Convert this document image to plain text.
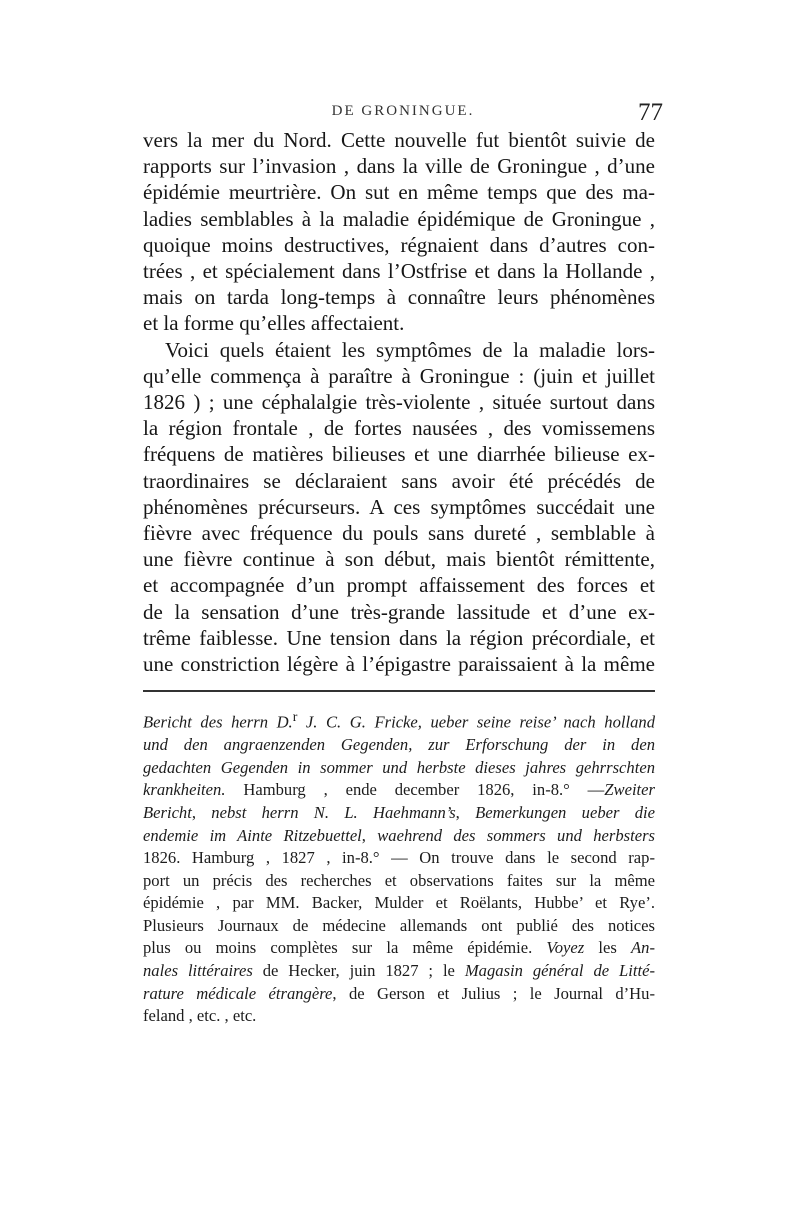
DE GRONINGUE.	77

vers la mer du Nord. Cette nouvelle fut bientôt suivie de
rapports sur l’invasion , dans la ville de Groningue , d’une
épidémie meurtrière. On sut en même temps que des ma-
ladies semblables à la maladie épidémique de Groningue ,
quoique moins destructives, régnaient dans d’autres con-
trées , et spécialement dans l’Ostfrise et dans la Hollande ,
mais on tarda long-temps à connaître leurs phénomènes
et la forme qu’elles affectaient.

Voici quels étaient les symptômes de la maladie lors-
qu’elle commença à paraître à Groningue : (juin et juillet
1826 ) ; une céphalalgie très-violente , située surtout dans
la région frontale , de fortes nausées , des vomissemens
fréquens de matières bilieuses et une diarrhée bilieuse ex-
traordinaires se déclaraient sans avoir été précédés de
phénomènes précurseurs. A ces symptômes succédait une
fièvre avec fréquence du pouls sans dureté , semblable à
une fièvre continue à son début, mais bientôt rémittente,
et accompagnée d’un prompt affaissement des forces et
de la sensation d’une très-grande lassitude et d’une ex-
trême faiblesse. Une tension dans la région précordiale, et
une constriction légère à l’épigastre paraissaient à la même

Bericht des herrn D.$^r$ J. C. G. Fricke, ueber seine reise’ nach holland
und den angraenzenden Gegenden, zur Erforschung der in den
gedachten Gegenden in sommer und herbste dieses jahres gehrrschten
krankheiten. Hamburg , ende december 1826, in-8.° —Zweiter
Bericht, nebst herrn N. L. Haehmann’s, Bemerkungen ueber die
endemie im Ainte Ritzebuettel, waehrend des sommers und herbsters
1826. Hamburg , 1827 , in-8.° — On trouve dans le second rap-
port un précis des recherches et observations faites sur la même
épidémie , par MM. Backer, Mulder et Roëlants, Hubbe’ et Rye’.
Plusieurs Journaux de médecine allemands ont publié des notices
plus ou moins complètes sur la même épidémie. Voyez les An-
nales littéraires de Hecker, juin 1827 ; le Magasin général de Litté-
rature médicale étrangère, de Gerson et Julius ; le Journal d’Hu-
feland , etc. , etc.
